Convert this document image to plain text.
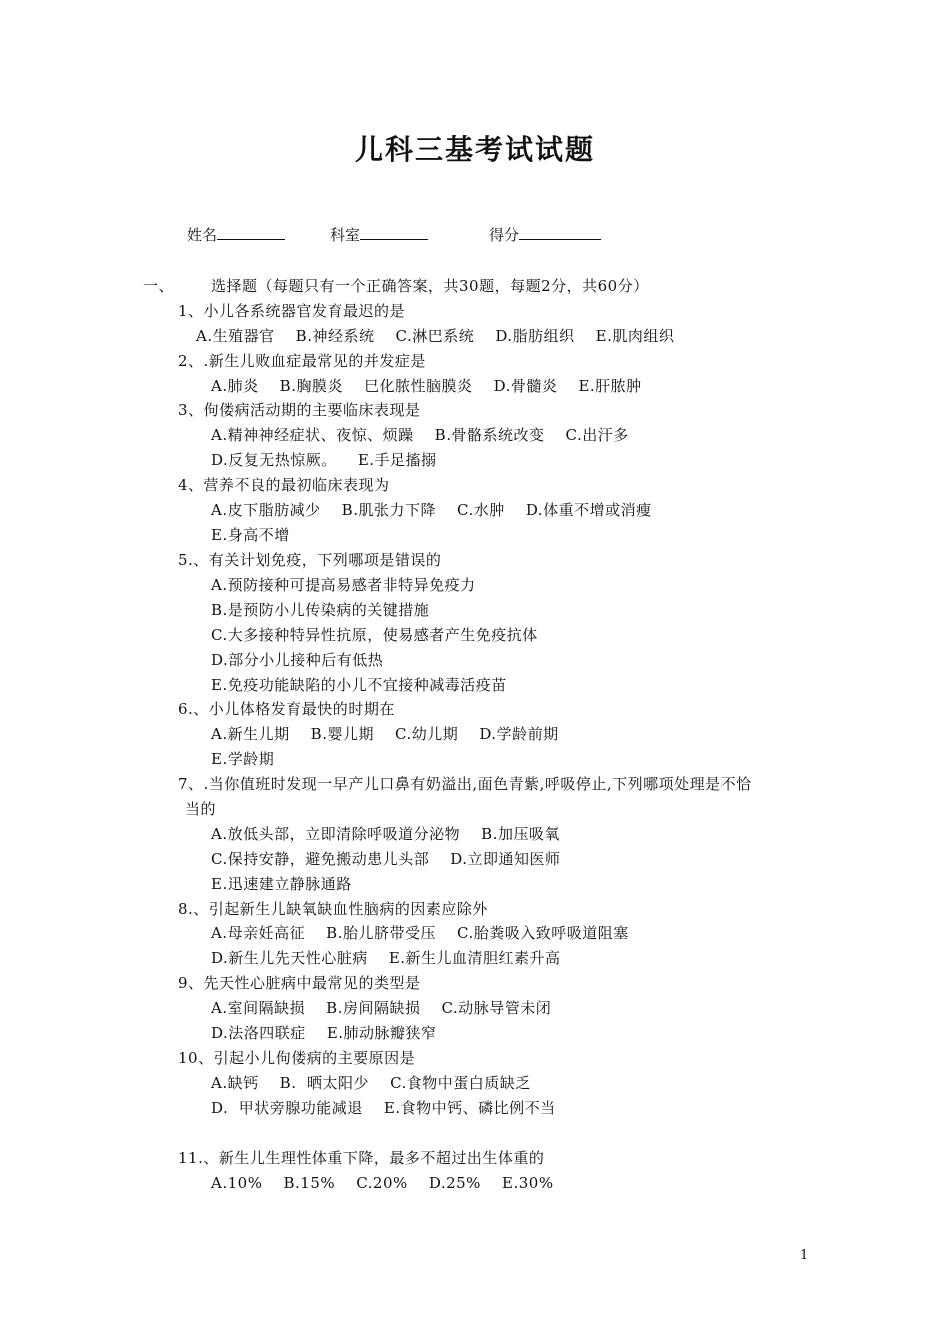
儿科三基考试试题
姓名	科室	得分
一、 选择题（每题只有一个正确答案，共30题，每题2分，共60分）
1、小儿各系统器官发育最迟的是
A.生殖器官    B.神经系统    C.淋巴系统    D.脂肪组织    E.肌肉组织
2、.新生儿败血症最常见的并发症是
A.肺炎    B.胸膜炎    巳化脓性脑膜炎    D.骨髓炎    E.肝脓肿
3、佝偻病活动期的主要临床表现是
A.精神神经症状、夜惊、烦躁    B.骨骼系统改变    C.出汗多
D.反复无热惊厥。    E.手足搐搦
4、营养不良的最初临床表现为
A.皮下脂肪减少    B.肌张力下降    C.水肿    D.体重不增或消瘦
E.身高不增
5.、有关计划免疫，下列哪项是错误的
A.预防接种可提高易感者非特异免疫力
B.是预防小儿传染病的关键措施
C.大多接种特异性抗原，使易感者产生免疫抗体
D.部分小儿接种后有低热
E.免疫功能缺陷的小儿不宜接种减毒活疫苗
6.、小儿体格发育最快的时期在
A.新生儿期    B.婴儿期    C.幼儿期    D.学龄前期
E.学龄期
7、.当你值班时发现一早产儿口鼻有奶溢出,面色青紫,呼吸停止,下列哪项处理是不恰
当的
A.放低头部，立即清除呼吸道分泌物    B.加压吸氧
C.保持安静，避免搬动患儿头部    D.立即通知医师
E.迅速建立静脉通路
8.、引起新生儿缺氧缺血性脑病的因素应除外
A.母亲妊高征    B.胎儿脐带受压    C.胎粪吸入致呼吸道阻塞
D.新生儿先天性心脏病    E.新生儿血清胆红素升高
9、先天性心脏病中最常见的类型是
A.室间隔缺损    B.房间隔缺损    C.动脉导管未闭
D.法洛四联症    E.肺动脉瓣狭窄
10、引起小儿佝偻病的主要原因是
A.缺钙    B.  晒太阳少    C.食物中蛋白质缺乏
D.  甲状旁腺功能减退    E.食物中钙、磷比例不当
11.、新生儿生理性体重下降，最多不超过出生体重的
A.10%    B.15%    C.20%    D.25%    E.30%
1
